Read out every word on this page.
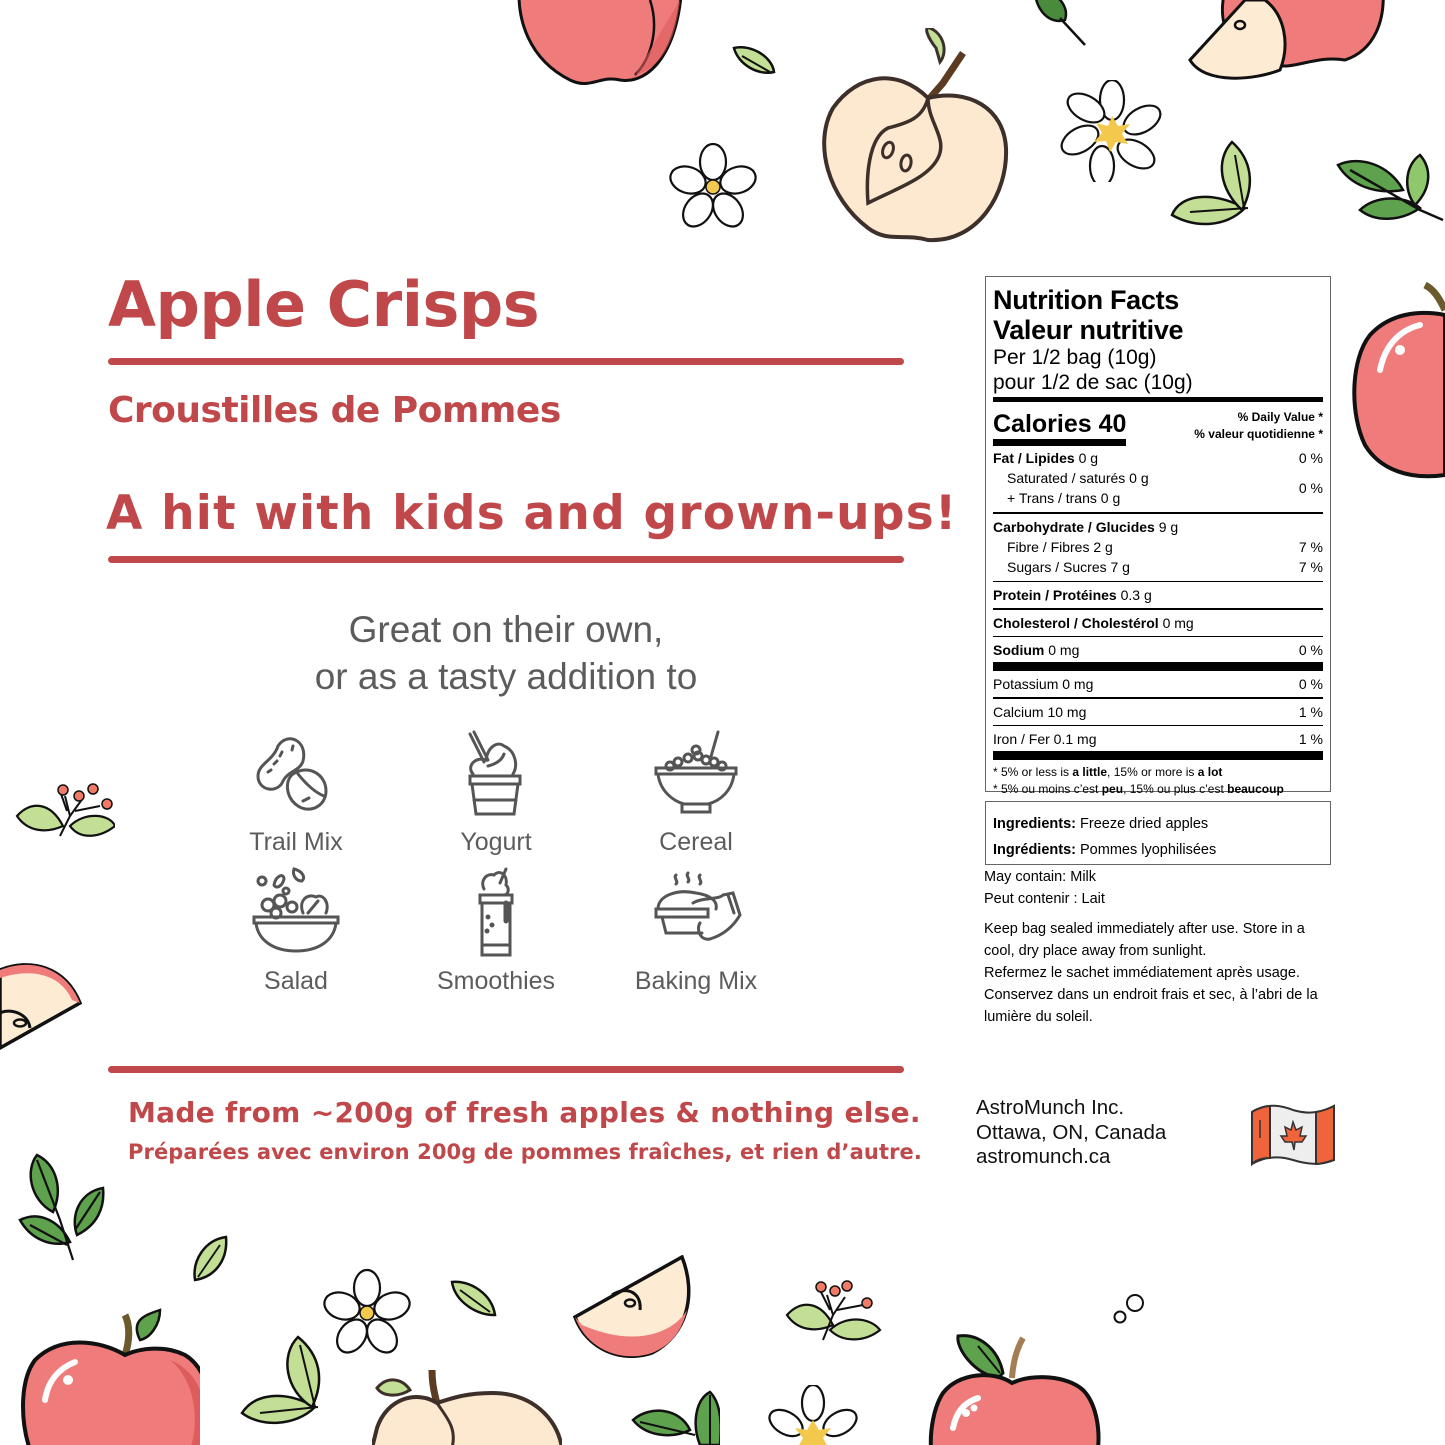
Apple Crisps
Croustilles de Pommes
A hit with kids and grown-ups!
Great on their own,
or as a tasty addition to
Trail Mix	Yogurt	Cereal
Salad	Smoothies	Baking Mix
Made from ~200g of fresh apples & nothing else.
Préparées avec environ 200g de pommes fraîches, et rien d’autre.
Nutrition Facts
Valeur nutritive
Per 1/2 bag (10g)
pour 1/2 de sac (10g)
Calories 40	% Daily Value *
% valeur quotidienne *
Fat / Lipides 0 g	0 %
Saturated / saturés 0 g
+ Trans / trans 0 g
0 %
Carbohydrate / Glucides 9 g
Fibre / Fibres 2 g	7 %
Sugars / Sucres 7 g	7 %
Protein / Protéines 0.3 g
Cholesterol / Cholestérol 0 mg
Sodium 0 mg	0 %
Potassium 0 mg	0 %
Calcium 10 mg	1 %
Iron / Fer 0.1 mg	1 %
* 5% or less is a little, 15% or more is a lot
* 5% ou moins c’est peu, 15% ou plus c’est beaucoup
Ingredients: Freeze dried apples
Ingrédients: Pommes lyophilisées
May contain: Milk
Peut contenir : Lait
Keep bag sealed immediately after use. Store in a
cool, dry place away from sunlight.
Refermez le sachet immédiatement après usage.
Conservez dans un endroit frais et sec, à l’abri de la
lumière du soleil.
AstroMunch Inc.
Ottawa, ON, Canada
astromunch.ca
